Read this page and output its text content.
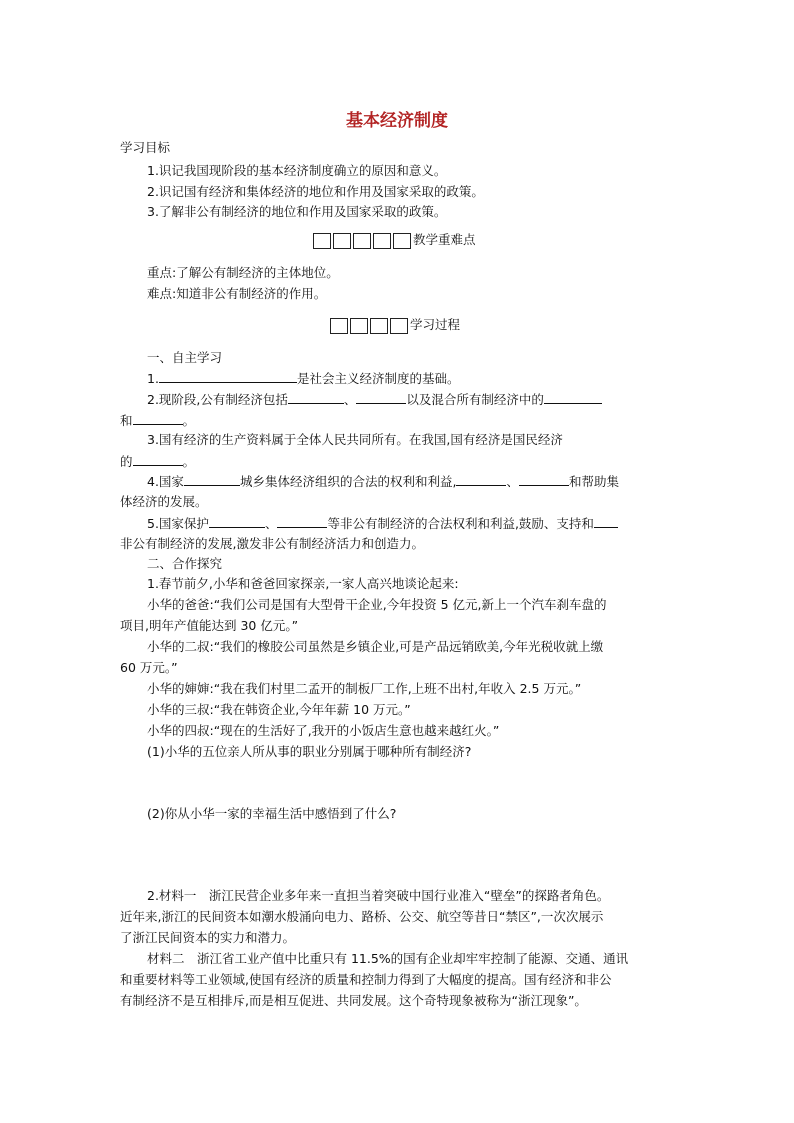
基本经济制度
学习目标
1.识记我国现阶段的基本经济制度确立的原因和意义。
2.识记国有经济和集体经济的地位和作用及国家采取的政策。
3.了解非公有制经济的地位和作用及国家采取的政策。
教学重难点
重点:了解公有制经济的主体地位。
难点:知道非公有制经济的作用。
学习过程
一、自主学习
1.	是社会主义经济制度的基础。
2.现阶段,公有制经济包括	、	以及混合所有制经济中的
和	。
3.国有经济的生产资料属于全体人民共同所有。在我国,国有经济是国民经济
的	。
4.国家	城乡集体经济组织的合法的权利和利益,	、	和帮助集
体经济的发展。
5.国家保护	、	等非公有制经济的合法权利和利益,鼓励、支持和
非公有制经济的发展,激发非公有制经济活力和创造力。
二、合作探究
1.春节前夕,小华和爸爸回家探亲,一家人高兴地谈论起来:
小华的爸爸:“我们公司是国有大型骨干企业,今年投资 5 亿元,新上一个汽车刹车盘的
项目,明年产值能达到 30 亿元。”
小华的二叔:“我们的橡胶公司虽然是乡镇企业,可是产品远销欧美,今年光税收就上缴
60 万元。”
小华的婶婶:“我在我们村里二孟开的制板厂工作,上班不出村,年收入 2.5 万元。”
小华的三叔:“我在韩资企业,今年年薪 10 万元。”
小华的四叔:“现在的生活好了,我开的小饭店生意也越来越红火。”
(1)小华的五位亲人所从事的职业分别属于哪种所有制经济?
(2)你从小华一家的幸福生活中感悟到了什么?
2.材料一　浙江民营企业多年来一直担当着突破中国行业准入“壁垒”的探路者角色。
近年来,浙江的民间资本如潮水般涌向电力、路桥、公交、航空等昔日“禁区”,一次次展示
了浙江民间资本的实力和潜力。
材料二　浙江省工业产值中比重只有 11.5%的国有企业却牢牢控制了能源、交通、通讯
和重要材料等工业领域,使国有经济的质量和控制力得到了大幅度的提高。国有经济和非公
有制经济不是互相排斥,而是相互促进、共同发展。这个奇特现象被称为“浙江现象”。
